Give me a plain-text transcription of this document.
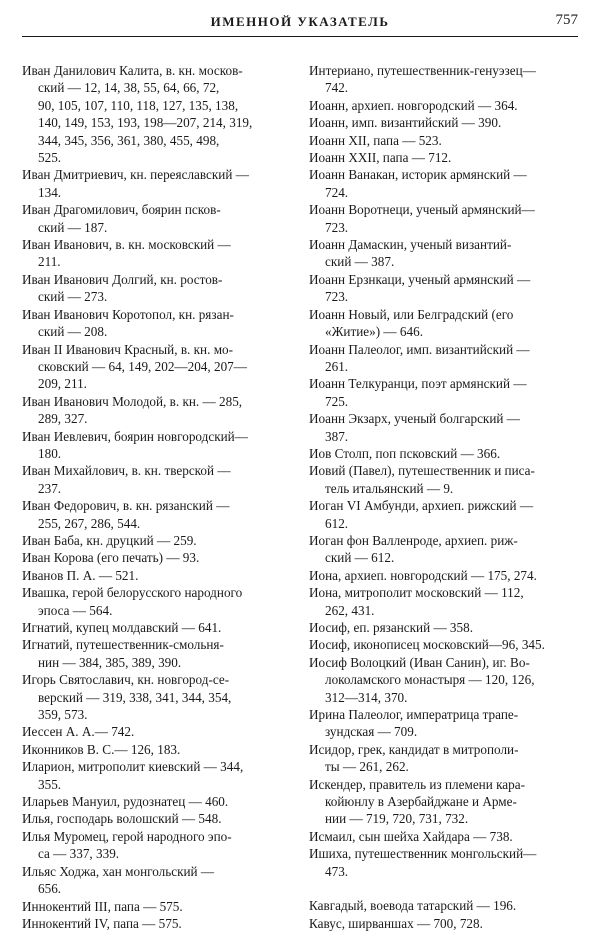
ИМЕННОЙ УКАЗАТЕЛЬ	757

Иван Данилович Калита, в. кн. москов-
ский — 12, 14, 38, 55, 64, 66, 72,
90, 105, 107, 110, 118, 127, 135, 138,
140, 149, 153, 193, 198—207, 214, 319,
344, 345, 356, 361, 380, 455, 498,
525.

Иван Дмитриевич, кн. переяславский —
134.

Иван Драгомилович, боярин псков-
ский — 187.

Иван Иванович, в. кн. московский —
211.

Иван Иванович Долгий, кн. ростов-
ский — 273.

Иван Иванович Коротопол, кн. рязан-
ский — 208.

Иван II Иванович Красный, в. кн. мо-
сковский — 64, 149, 202—204, 207—
209, 211.

Иван Иванович Молодой, в. кн. — 285,
289, 327.

Иван Иевлевич, боярин новгородский—
180.

Иван Михайлович, в. кн. тверской —
237.

Иван Федорович, в. кн. рязанский —
255, 267, 286, 544.

Иван Баба, кн. друцкий — 259.

Иван Корова (его печать) — 93.

Иванов П. А. — 521.

Ивашка, герой белорусского народного
эпоса — 564.

Игнатий, купец молдавский — 641.

Игнатий, путешественник-смольня-
нин — 384, 385, 389, 390.

Игорь Святославич, кн. новгород-се-
верский — 319, 338, 341, 344, 354,
359, 573.

Иессен А. А.— 742.

Иконников В. С.— 126, 183.

Иларион, митрополит киевский — 344,
355.

Иларьев Мануил, рудознатец — 460.

Илья, господарь волошский — 548.

Илья Муромец, герой народного эпо-
са — 337, 339.

Ильяс Ходжа, хан монгольский —
656.

Иннокентий III, папа — 575.

Иннокентий IV, папа — 575.

Интериано, путешественник-генуэзец—
742.

Иоанн, архиеп. новгородский — 364.

Иоанн, имп. византийский — 390.

Иоанн XII, папа — 523.

Иоанн XXII, папа — 712.

Иоанн Ванакан, историк армянский —
724.

Иоанн Воротнеци, ученый армянский—
723.

Иоанн Дамаскин, ученый византий-
ский — 387.

Иоанн Ерзнкаци, ученый армянский —
723.

Иоанн Новый, или Белградский (его
«Житие») — 646.

Иоанн Палеолог, имп. византийский —
261.

Иоанн Телкуранци, поэт армянский —
725.

Иоанн Экзарх, ученый болгарский —
387.

Иов Столп, поп псковский — 366.

Иовий (Павел), путешественник и писа-
тель итальянский — 9.

Иоган VI Амбунди, архиеп. рижский —
612.

Иоган фон Валленроде, архиеп. риж-
ский — 612.

Иона, архиеп. новгородский — 175, 274.

Иона, митрополит московский — 112,
262, 431.

Иосиф, еп. рязанский — 358.

Иосиф, иконописец московский—96, 345.

Иосиф Волоцкий (Иван Санин), иг. Во-
локоламского монастыря — 120, 126,
312—314, 370.

Ирина Палеолог, императрица трапе-
зундская — 709.

Исидор, грек, кандидат в митрополи-
ты — 261, 262.

Искендер, правитель из племени кара-
койюнлу в Азербайджане и Арме-
нии — 719, 720, 731, 732.

Исмаил, сын шейха Хайдара — 738.

Ишиха, путешественник монгольский—
473.

Кавгадый, воевода татарский — 196.

Кавус, ширваншах — 700, 728.
